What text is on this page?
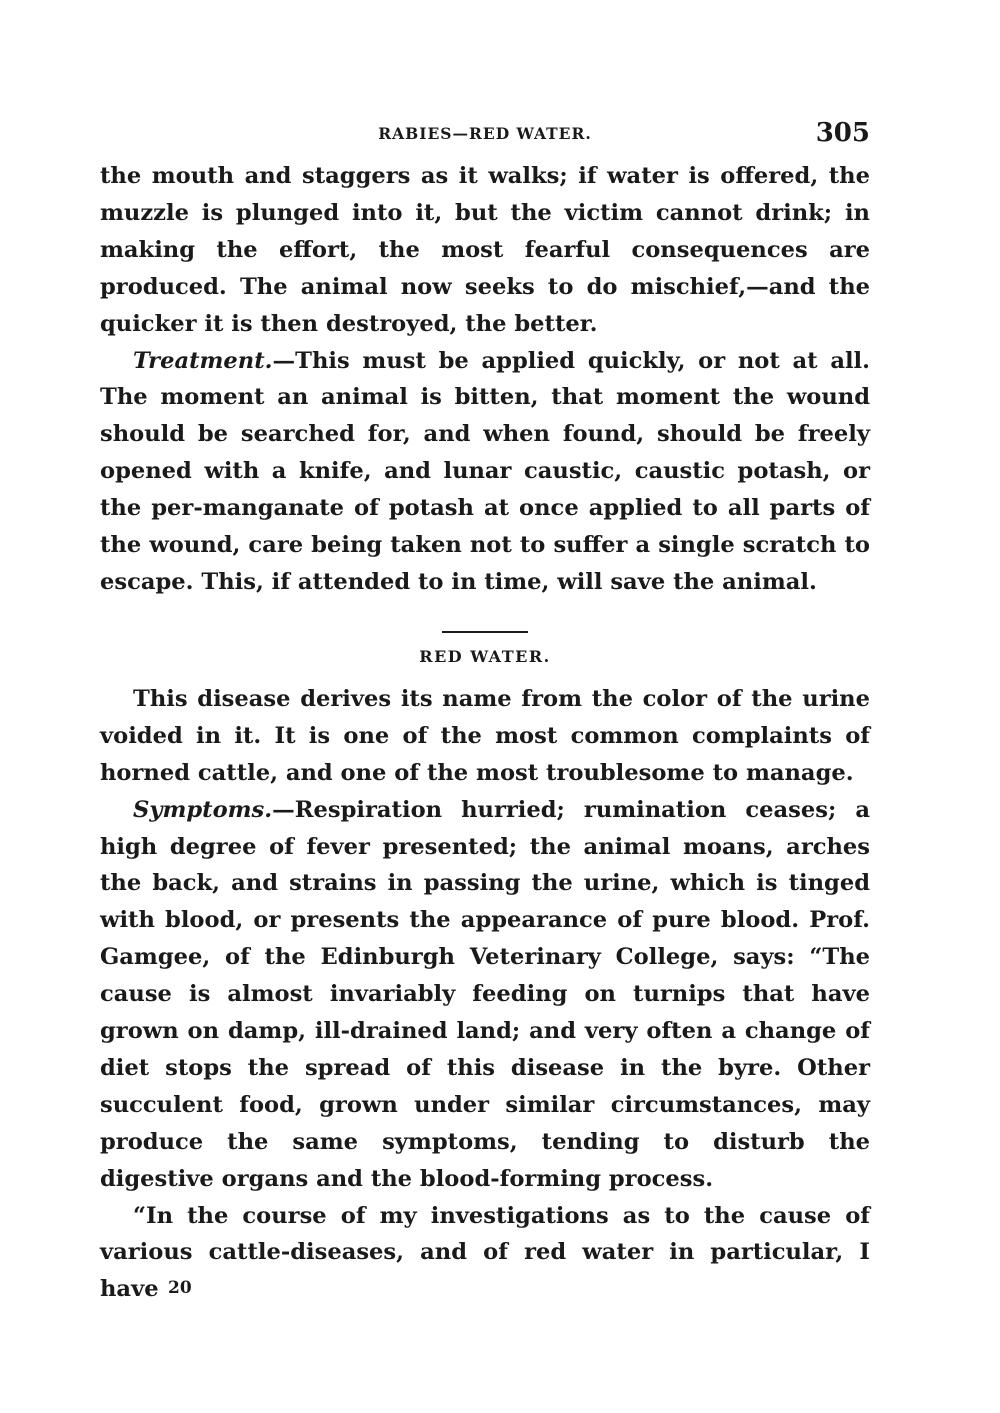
RABIES—RED WATER.	305

the mouth and staggers as it walks; if water is offered, the muzzle is plunged into it, but the victim cannot drink; in making the effort, the most fearful consequences are produced. The animal now seeks to do mischief,—and the quicker it is then destroyed, the better.

Treatment.—This must be applied quickly, or not at all. The moment an animal is bitten, that moment the wound should be searched for, and when found, should be freely opened with a knife, and lunar caustic, caustic potash, or the per-manganate of potash at once applied to all parts of the wound, care being taken not to suffer a single scratch to escape. This, if attended to in time, will save the animal.

RED WATER.

This disease derives its name from the color of the urine voided in it. It is one of the most common complaints of horned cattle, and one of the most troublesome to manage.

Symptoms.—Respiration hurried; rumination ceases; a high degree of fever presented; the animal moans, arches the back, and strains in passing the urine, which is tinged with blood, or presents the appearance of pure blood. Prof. Gamgee, of the Edinburgh Veterinary College, says: “The cause is almost invariably feeding on turnips that have grown on damp, ill-drained land; and very often a change of diet stops the spread of this disease in the byre. Other succulent food, grown under similar circumstances, may produce the same symptoms, tending to disturb the digestive organs and the blood-forming process.

“In the course of my investigations as to the cause of various cattle-diseases, and of red water in particular, I have 20
